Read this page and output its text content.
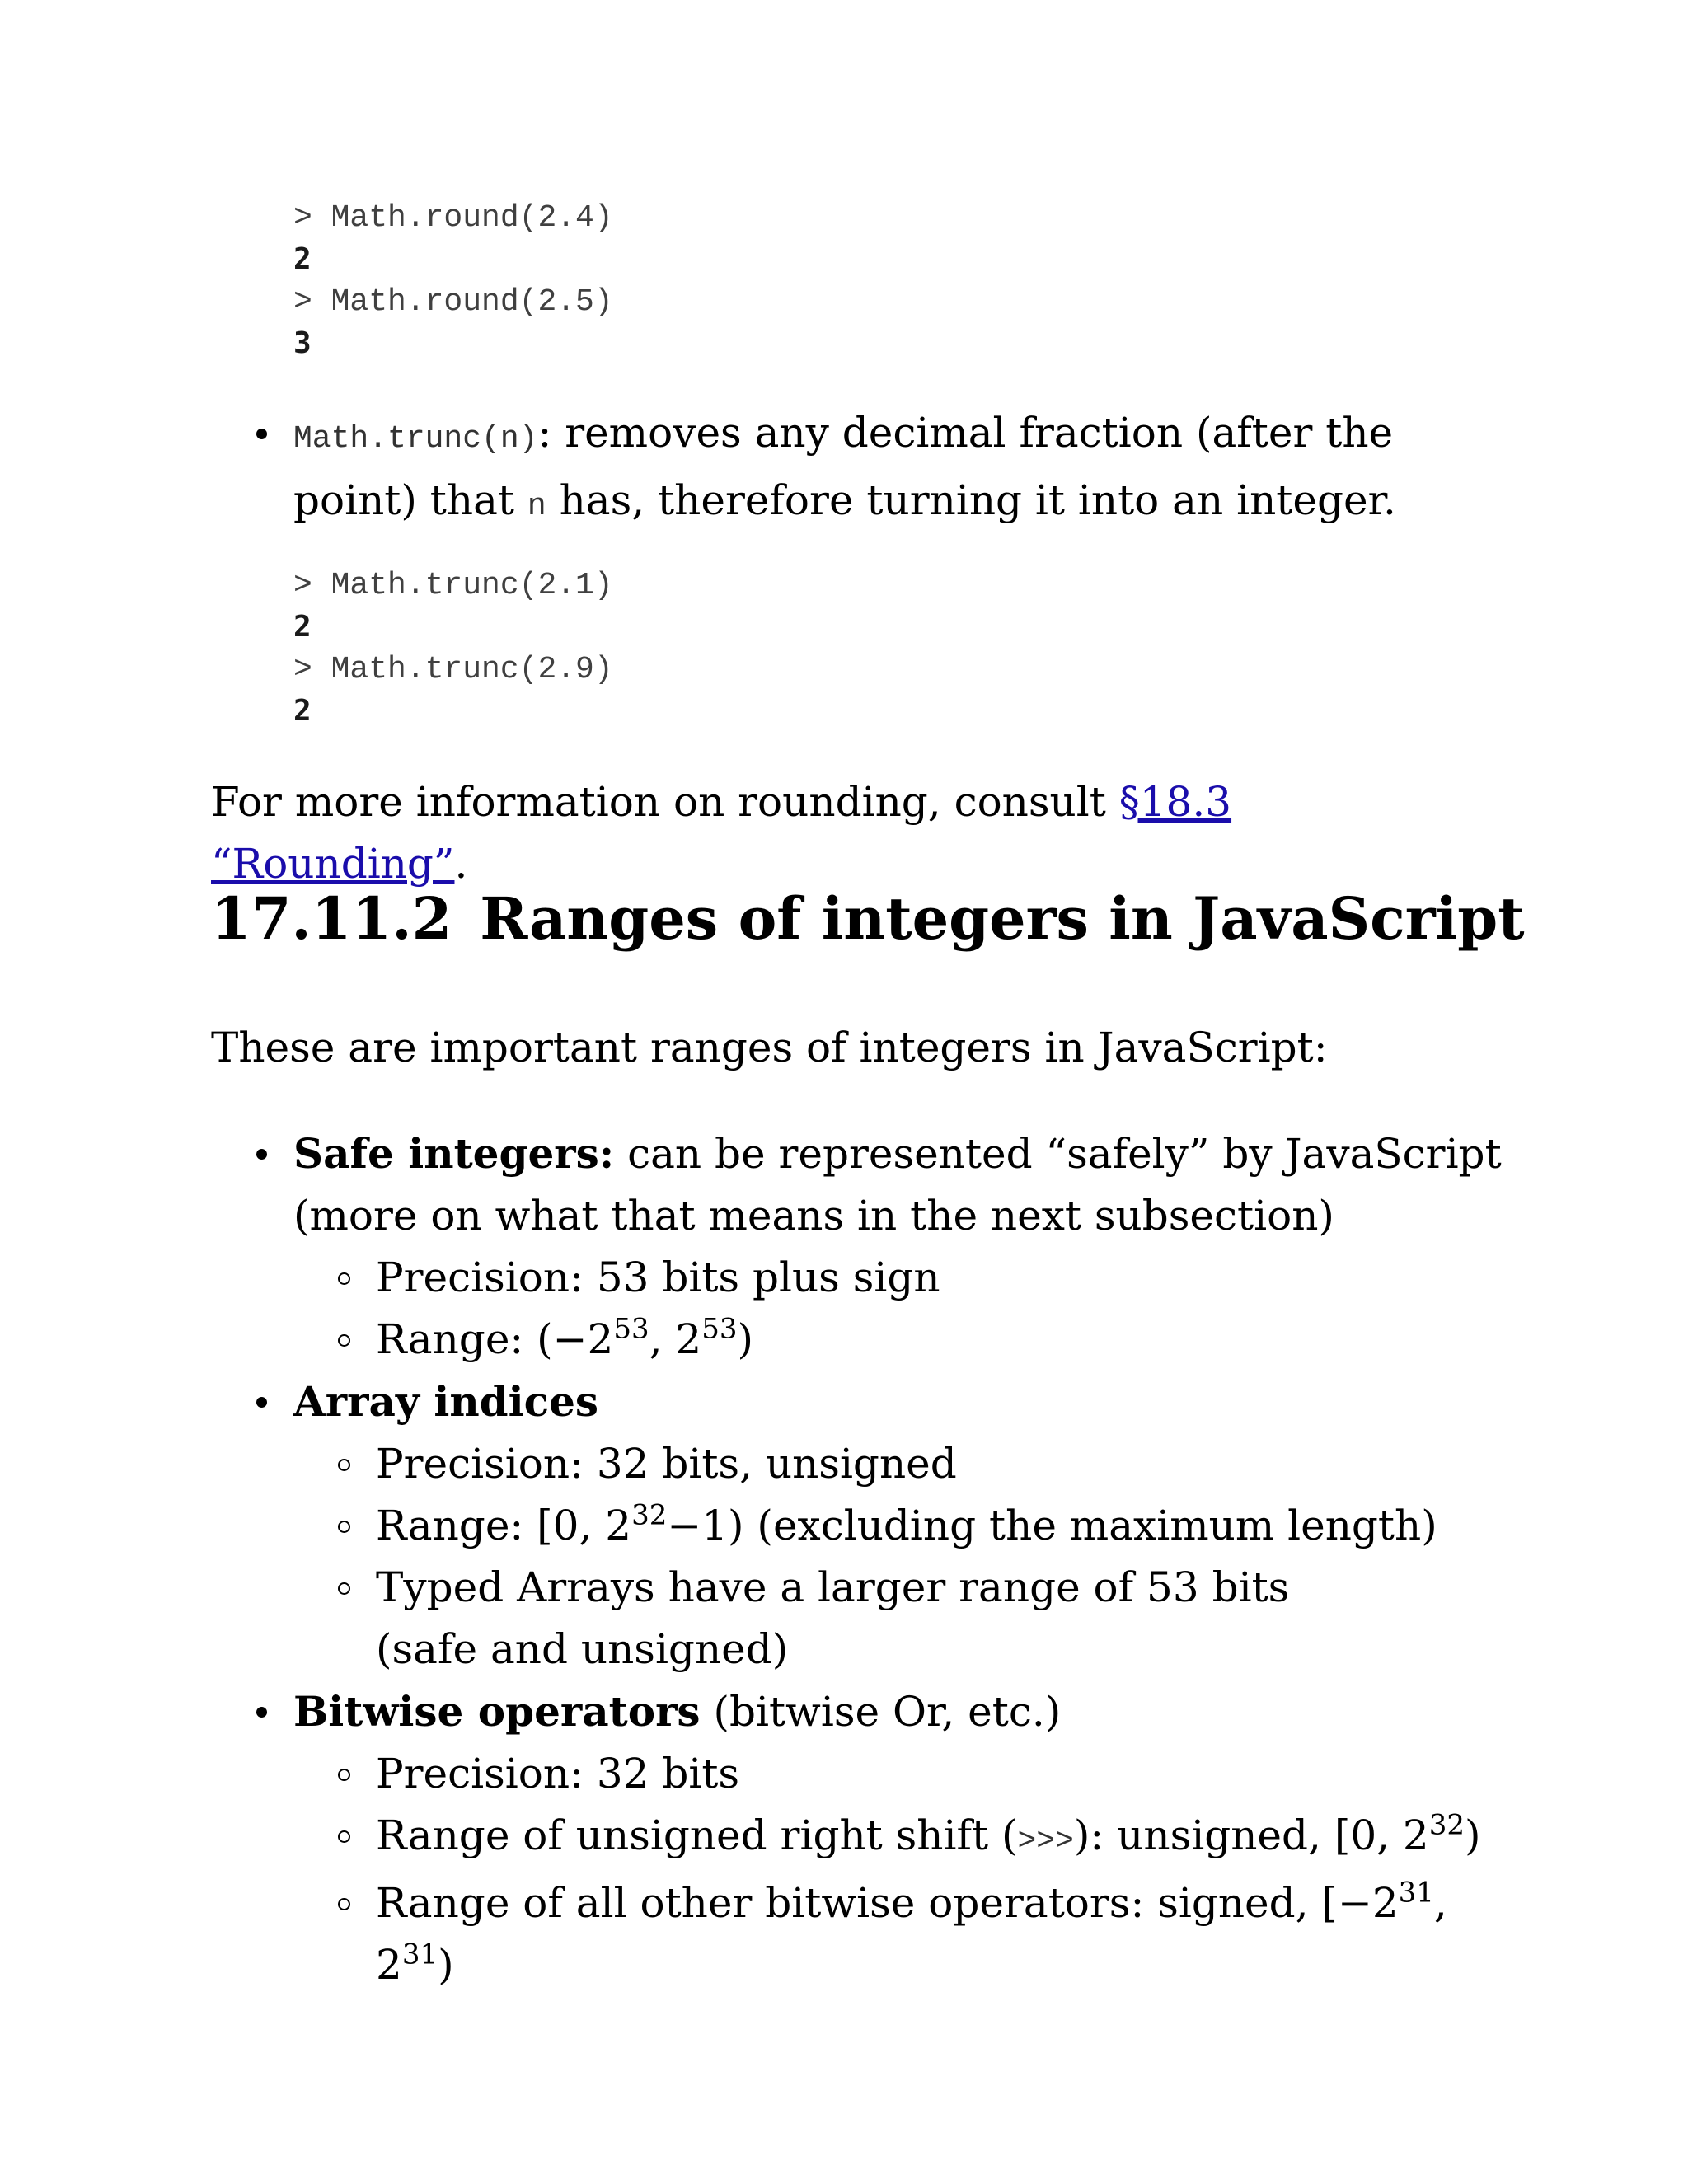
> Math.round(2.4)
2
> Math.round(2.5)
3
Math.trunc(n): removes any decimal fraction (after the point) that n has, therefore turning it into an integer.
> Math.trunc(2.1)
2
> Math.trunc(2.9)
2

For more information on rounding, consult §18.3 “Rounding”.

17.11.2 Ranges of integers in JavaScript

These are important ranges of integers in JavaScript:

Safe integers: can be represented “safely” by JavaScript (more on what that means in the next subsection)
Precision: 53 bits plus sign
Range: ($-2^{53}$, $2^{53}$)
Array indices
Precision: 32 bits, unsigned
Range: [0, $2^{32}-1$) (excluding the maximum length)
Typed Arrays have a larger range of 53 bits (safe and unsigned)
Bitwise operators (bitwise Or, etc.)
Precision: 32 bits
Range of unsigned right shift (>>>): unsigned, [0, $2^{32}$)
Range of all other bitwise operators: signed, [$-2^{31}$, $2^{31}$)
